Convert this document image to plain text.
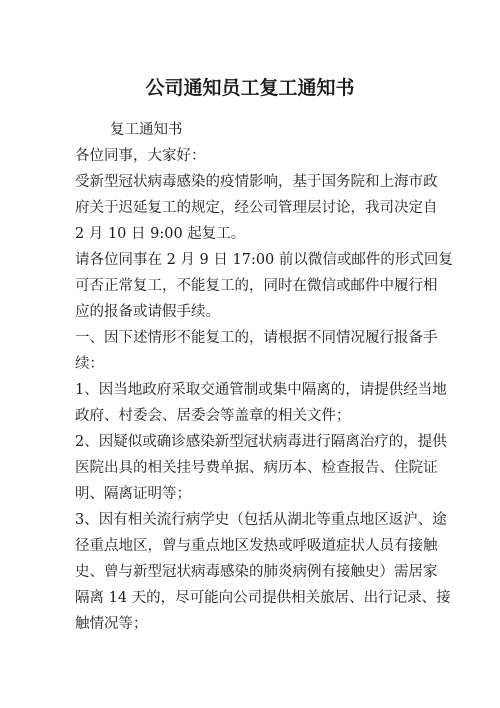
公司通知员工复工通知书
复工通知书
各位同事，大家好：
受新型冠状病毒感染的疫情影响，基于国务院和上海市政
府关于迟延复工的规定，经公司管理层讨论，我司决定自
2 月 10 日 9:00 起复工。
请各位同事在 2 月 9 日 17:00 前以微信或邮件的形式回复
可否正常复工，不能复工的，同时在微信或邮件中履行相
应的报备或请假手续。
一、因下述情形不能复工的，请根据不同情况履行报备手
续：
1、因当地政府采取交通管制或集中隔离的，请提供经当地
政府、村委会、居委会等盖章的相关文件；
2、因疑似或确诊感染新型冠状病毒进行隔离治疗的，提供
医院出具的相关挂号费单据、病历本、检查报告、住院证
明、隔离证明等；
3、因有相关流行病学史（包括从湖北等重点地区返沪、途
径重点地区，曾与重点地区发热或呼吸道症状人员有接触
史、曾与新型冠状病毒感染的肺炎病例有接触史）需居家
隔离 14 天的，尽可能向公司提供相关旅居、出行记录、接
触情况等；
